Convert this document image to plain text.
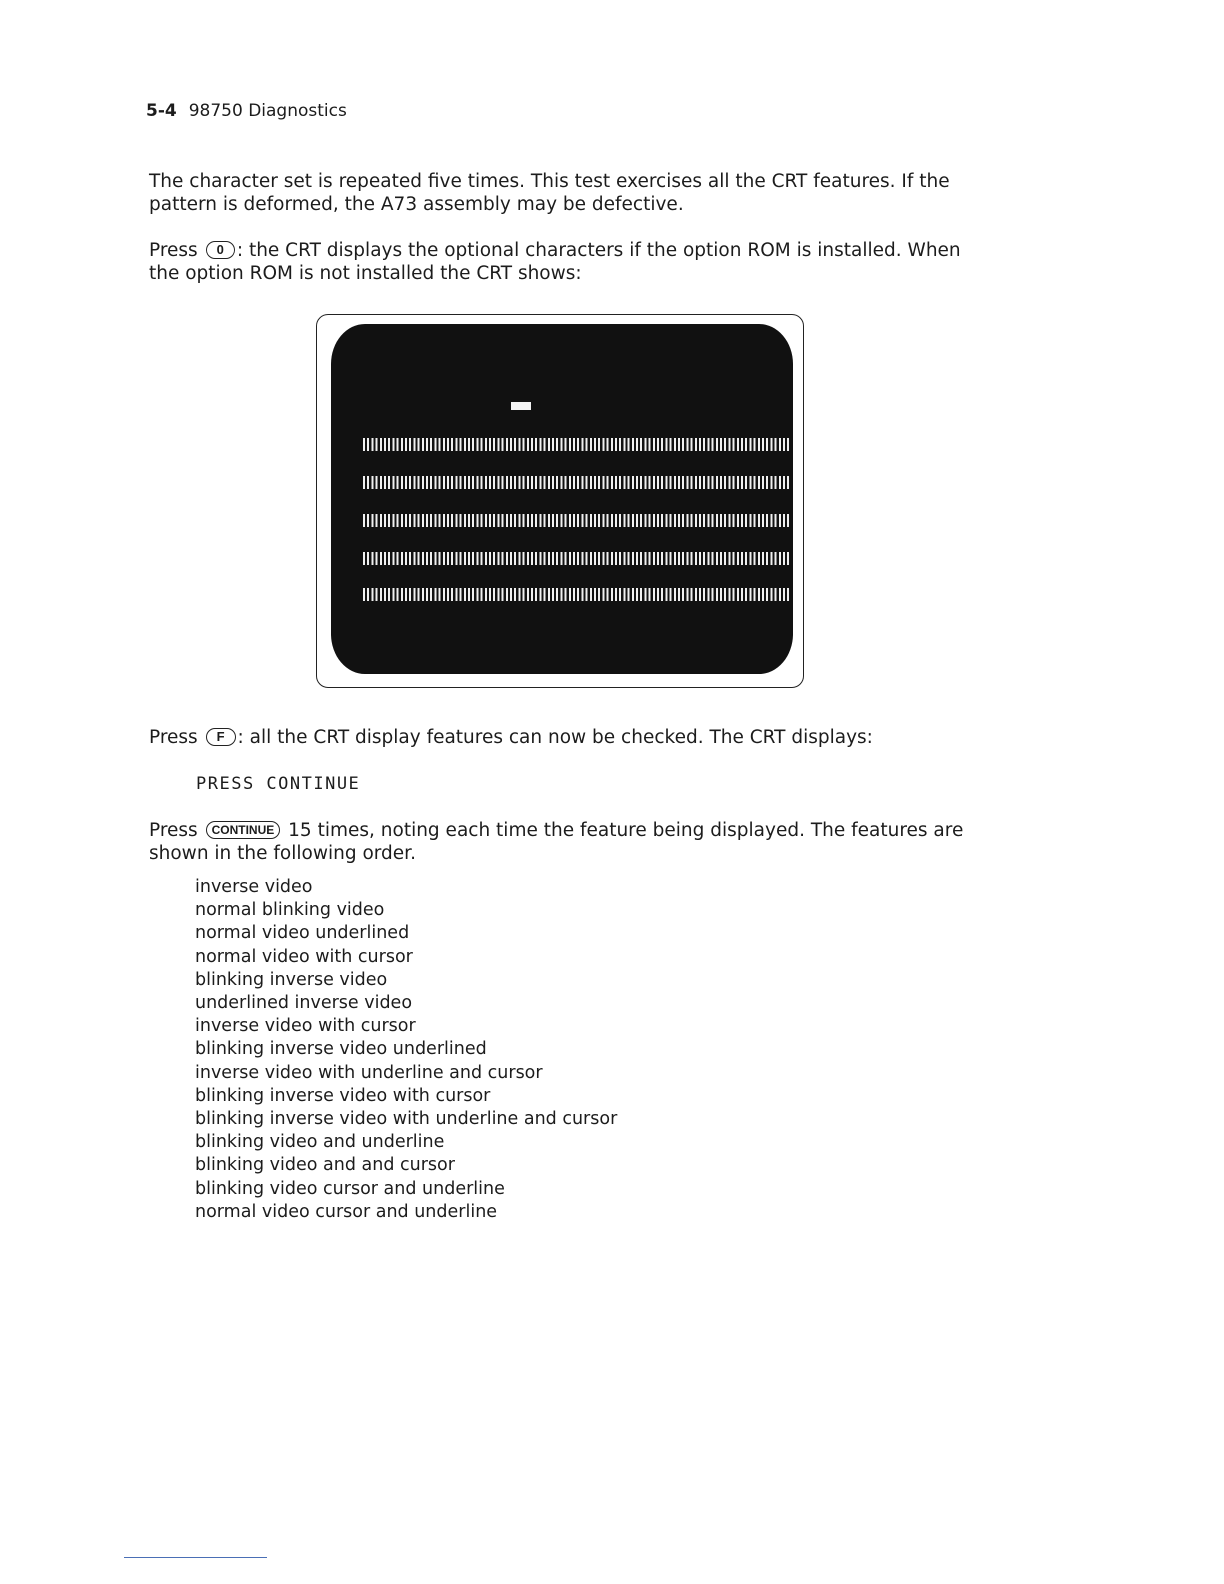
5-4 98750 Diagnostics

The character set is repeated five times. This test exercises all the CRT features. If the pattern is deformed, the A73 assembly may be defective.

Press 0 : the CRT displays the optional characters if the option ROM is installed. When the option ROM is not installed the CRT shows:

Press F : all the CRT display features can now be checked. The CRT displays:

PRESS CONTINUE

Press CONTINUE 15 times, noting each time the feature being displayed. The features are shown in the following order.

inverse video
normal blinking video
normal video underlined
normal video with cursor
blinking inverse video
underlined inverse video
inverse video with cursor
blinking inverse video underlined
inverse video with underline and cursor
blinking inverse video with cursor
blinking inverse video with underline and cursor
blinking video and underline
blinking video and and cursor
blinking video cursor and underline
normal video cursor and underline
